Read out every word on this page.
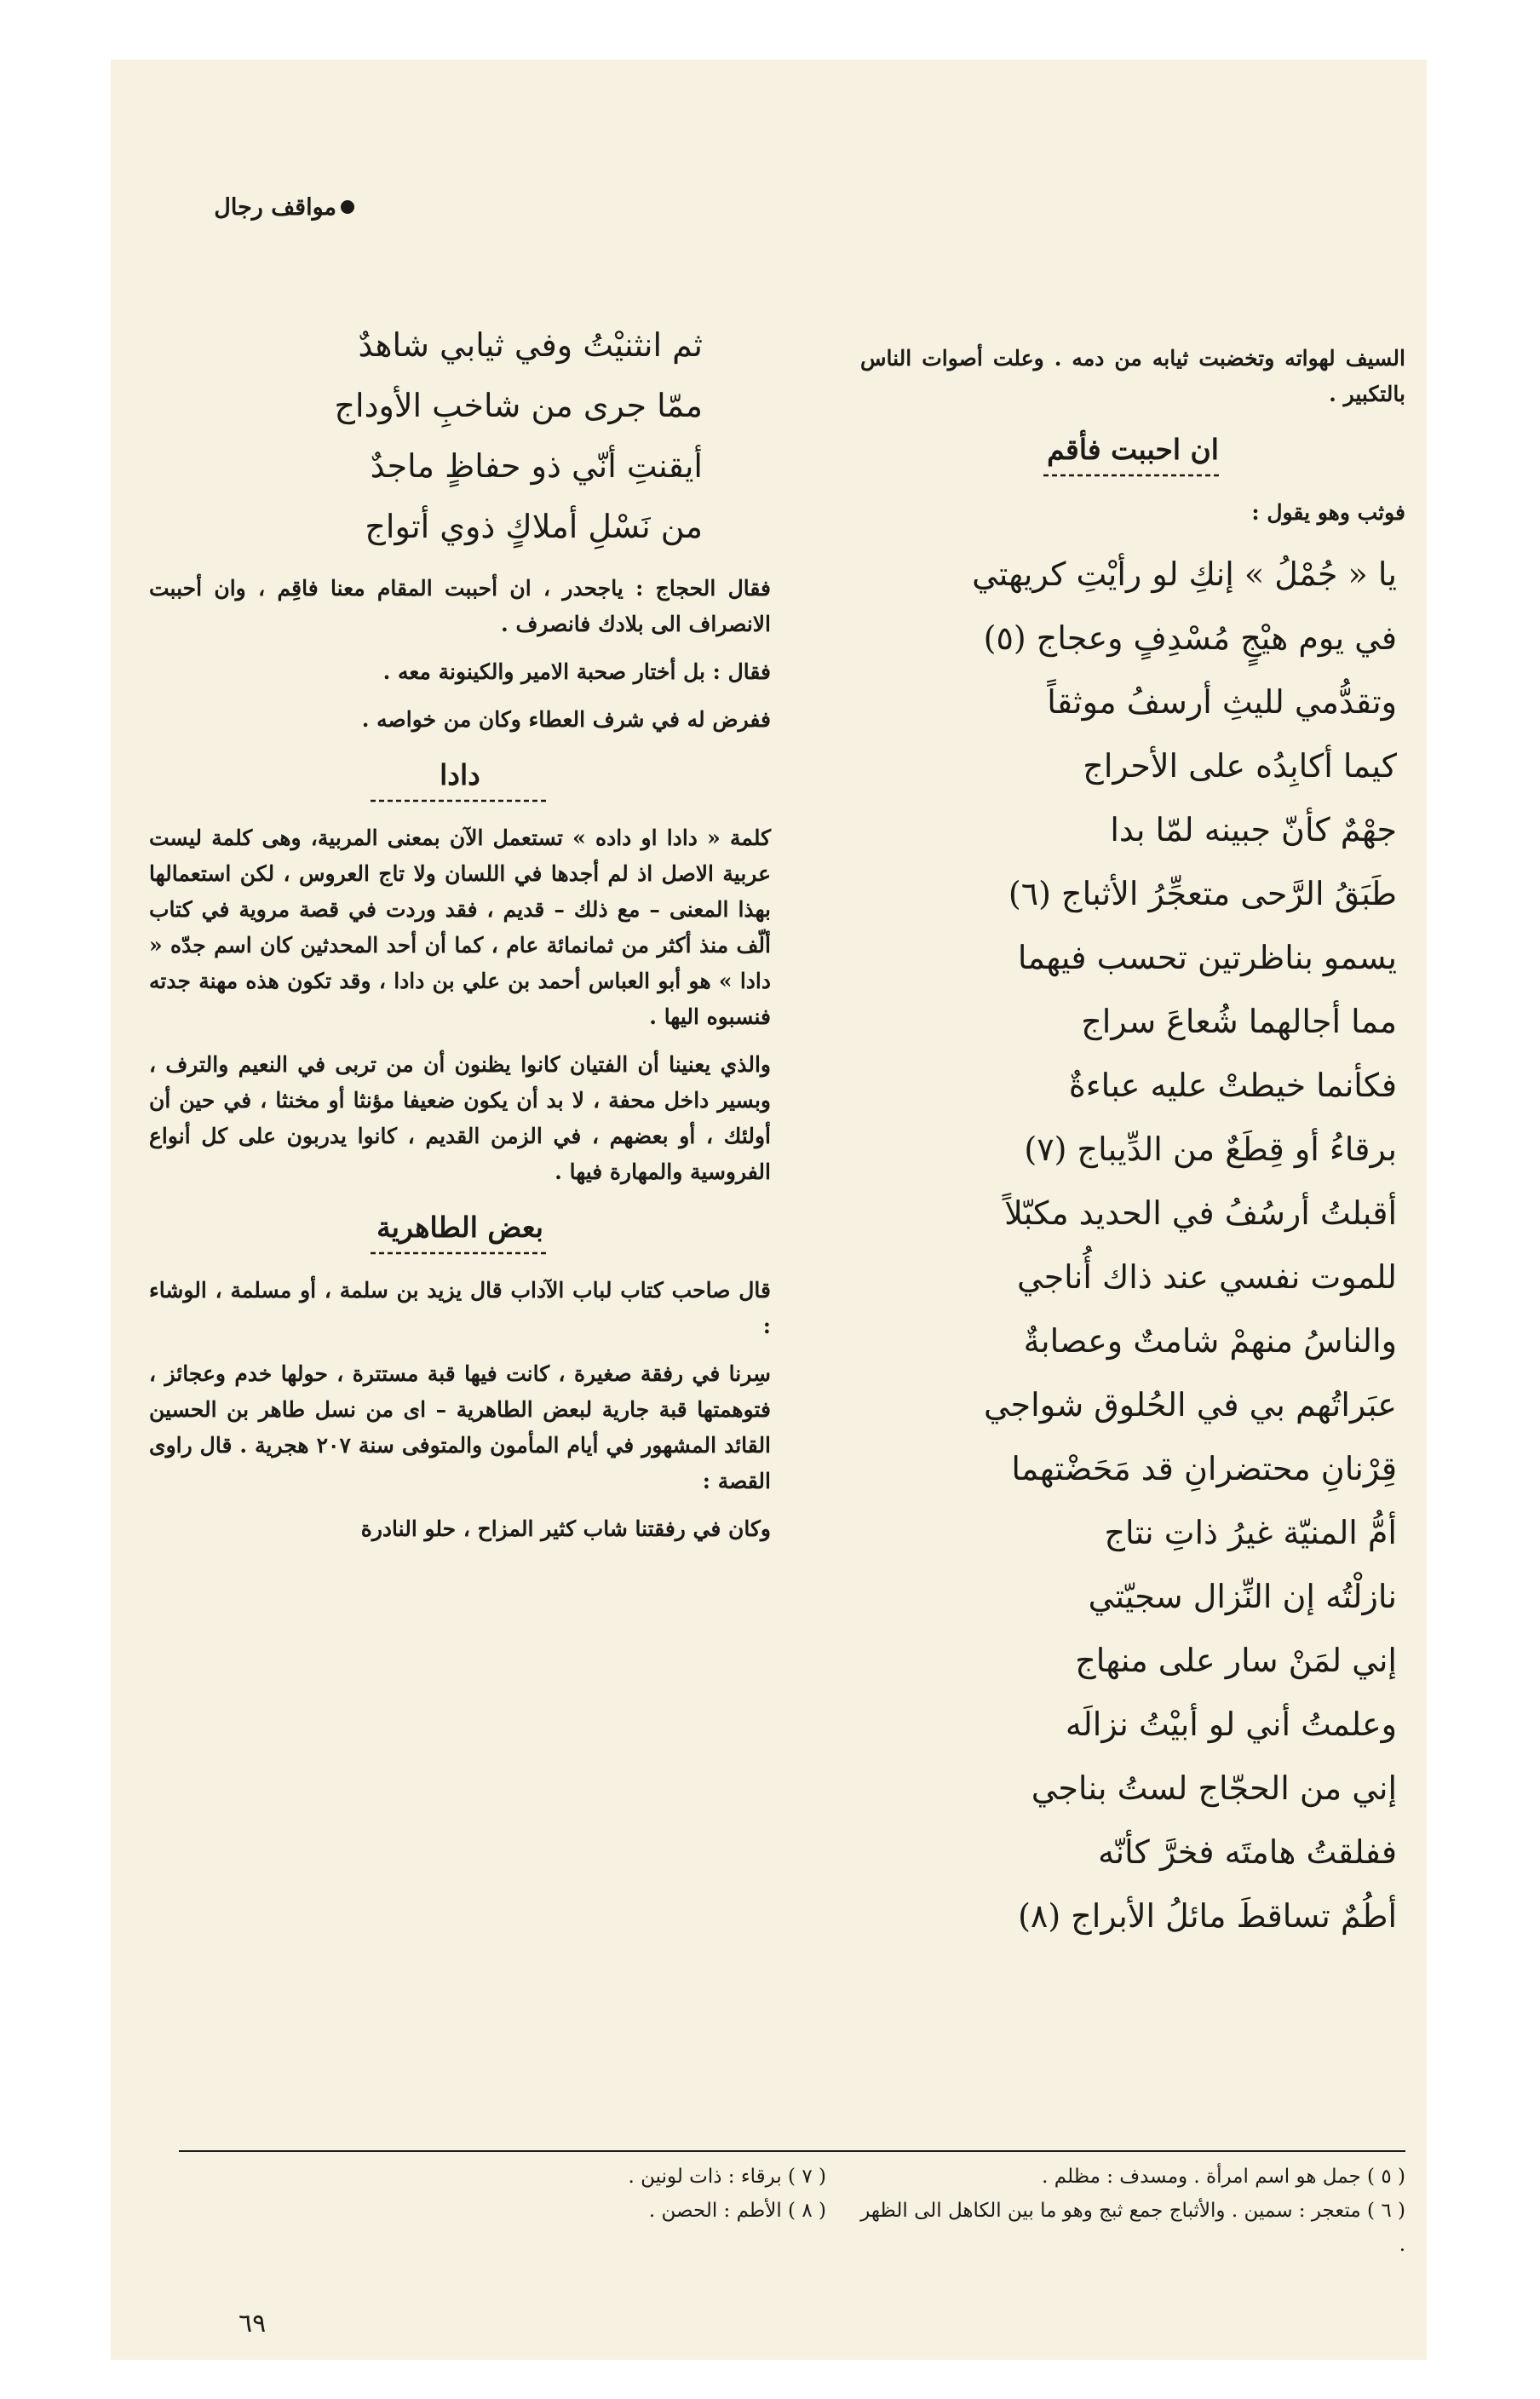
مواقف رجال

السيف لهواته وتخضبت ثيابه من دمه . وعلت أصوات الناس بالتكبير .

ان احببت فأقم

فوثب وهو يقول :

يا « جُمْلُ » إنكِ لو رأيْتِ كريهتي
في يوم هيْجٍ مُسْدِفٍ وعجاج (٥)
وتقدُّمي لليثِ أرسفُ موثقاً
كيما أكابِدُه على الأحراج
جهْمٌ كأنّ جبينه لمّا بدا
طَبَقُ الرَّحى متعجِّرُ الأثباج (٦)
يسمو بناظرتين تحسب فيهما
مما أجالهما شُعاعَ سراج
فكأنما خيطتْ عليه عباءةٌ
برقاءُ أو قِطَعٌ من الدِّيباج (٧)
أقبلتُ أرسُفُ في الحديد مكبّلاً
للموت نفسي عند ذاك أُناجي
والناسُ منهمْ شامتٌ وعصابةٌ
عبَراتُهم بي في الحُلوق شواجي
قِرْنانِ محتضرانِ قد مَحَضْتهما
أمُّ المنيّة غيرُ ذاتِ نتاج
نازلْتُه إن النِّزال سجيّتي
إني لمَنْ سار على منهاج
وعلمتُ أني لو أبيْتُ نزالَه
إني من الحجّاج لستُ بناجي
ففلقتُ هامتَه فخرَّ كأنّه
أطُمٌ تساقطَ مائلُ الأبراج (٨)
ثم انثنيْتُ وفي ثيابي شاهدٌ
ممّا جرى من شاخبِ الأوداج
أيقنتِ أنّي ذو حفاظٍ ماجدٌ
من نَسْلِ أملاكٍ ذوي أتواج

فقال الحجاج : ياجحدر ، ان أحببت المقام معنا فاقِم ، وان أحببت الانصراف الى بلادك فانصرف .

فقال : بل أختار صحبة الامير والكينونة معه .

ففرض له في شرف العطاء وكان من خواصه .

دادا

كلمة « دادا او داده » تستعمل الآن بمعنى المربية، وهى كلمة ليست عربية الاصل اذ لم أجدها في اللسان ولا تاج العروس ، لكن استعمالها بهذا المعنى – مع ذلك – قديم ، فقد وردت في قصة مروية في كتاب ألّف منذ أكثر من ثمانمائة عام ، كما أن أحد المحدثين كان اسم جدّه « دادا » هو أبو العباس أحمد بن علي بن دادا ، وقد تكون هذه مهنة جدته فنسبوه اليها .

والذي يعنينا أن الفتيان كانوا يظنون أن من تربى في النعيم والترف ، وبسير داخل محفة ، لا بد أن يكون ضعيفا مؤنثا أو مخنثا ، في حين أن أولئك ، أو بعضهم ، في الزمن القديم ، كانوا يدربون على كل أنواع الفروسية والمهارة فيها .

بعض الطاهرية

قال صاحب كتاب لباب الآداب قال يزيد بن سلمة ، أو مسلمة ، الوشاء :

سِرنا في رفقة صغيرة ، كانت فيها قبة مستترة ، حولها خدم وعجائز ، فتوهمتها قبة جارية لبعض الطاهرية – اى من نسل طاهر بن الحسين القائد المشهور في أيام المأمون والمتوفى سنة ٢٠٧ هجرية . قال راوى القصة :

وكان في رفقتنا شاب كثير المزاح ، حلو النادرة

( ٥ ) جمل هو اسم امرأة . ومسدف : مظلم .
( ٦ ) متعجر : سمين . والأثباج جمع ثبج وهو ما بين الكاهل الى الظهر .
( ٧ ) برقاء : ذات لونين .
( ٨ ) الأطم : الحصن .
٦٩
